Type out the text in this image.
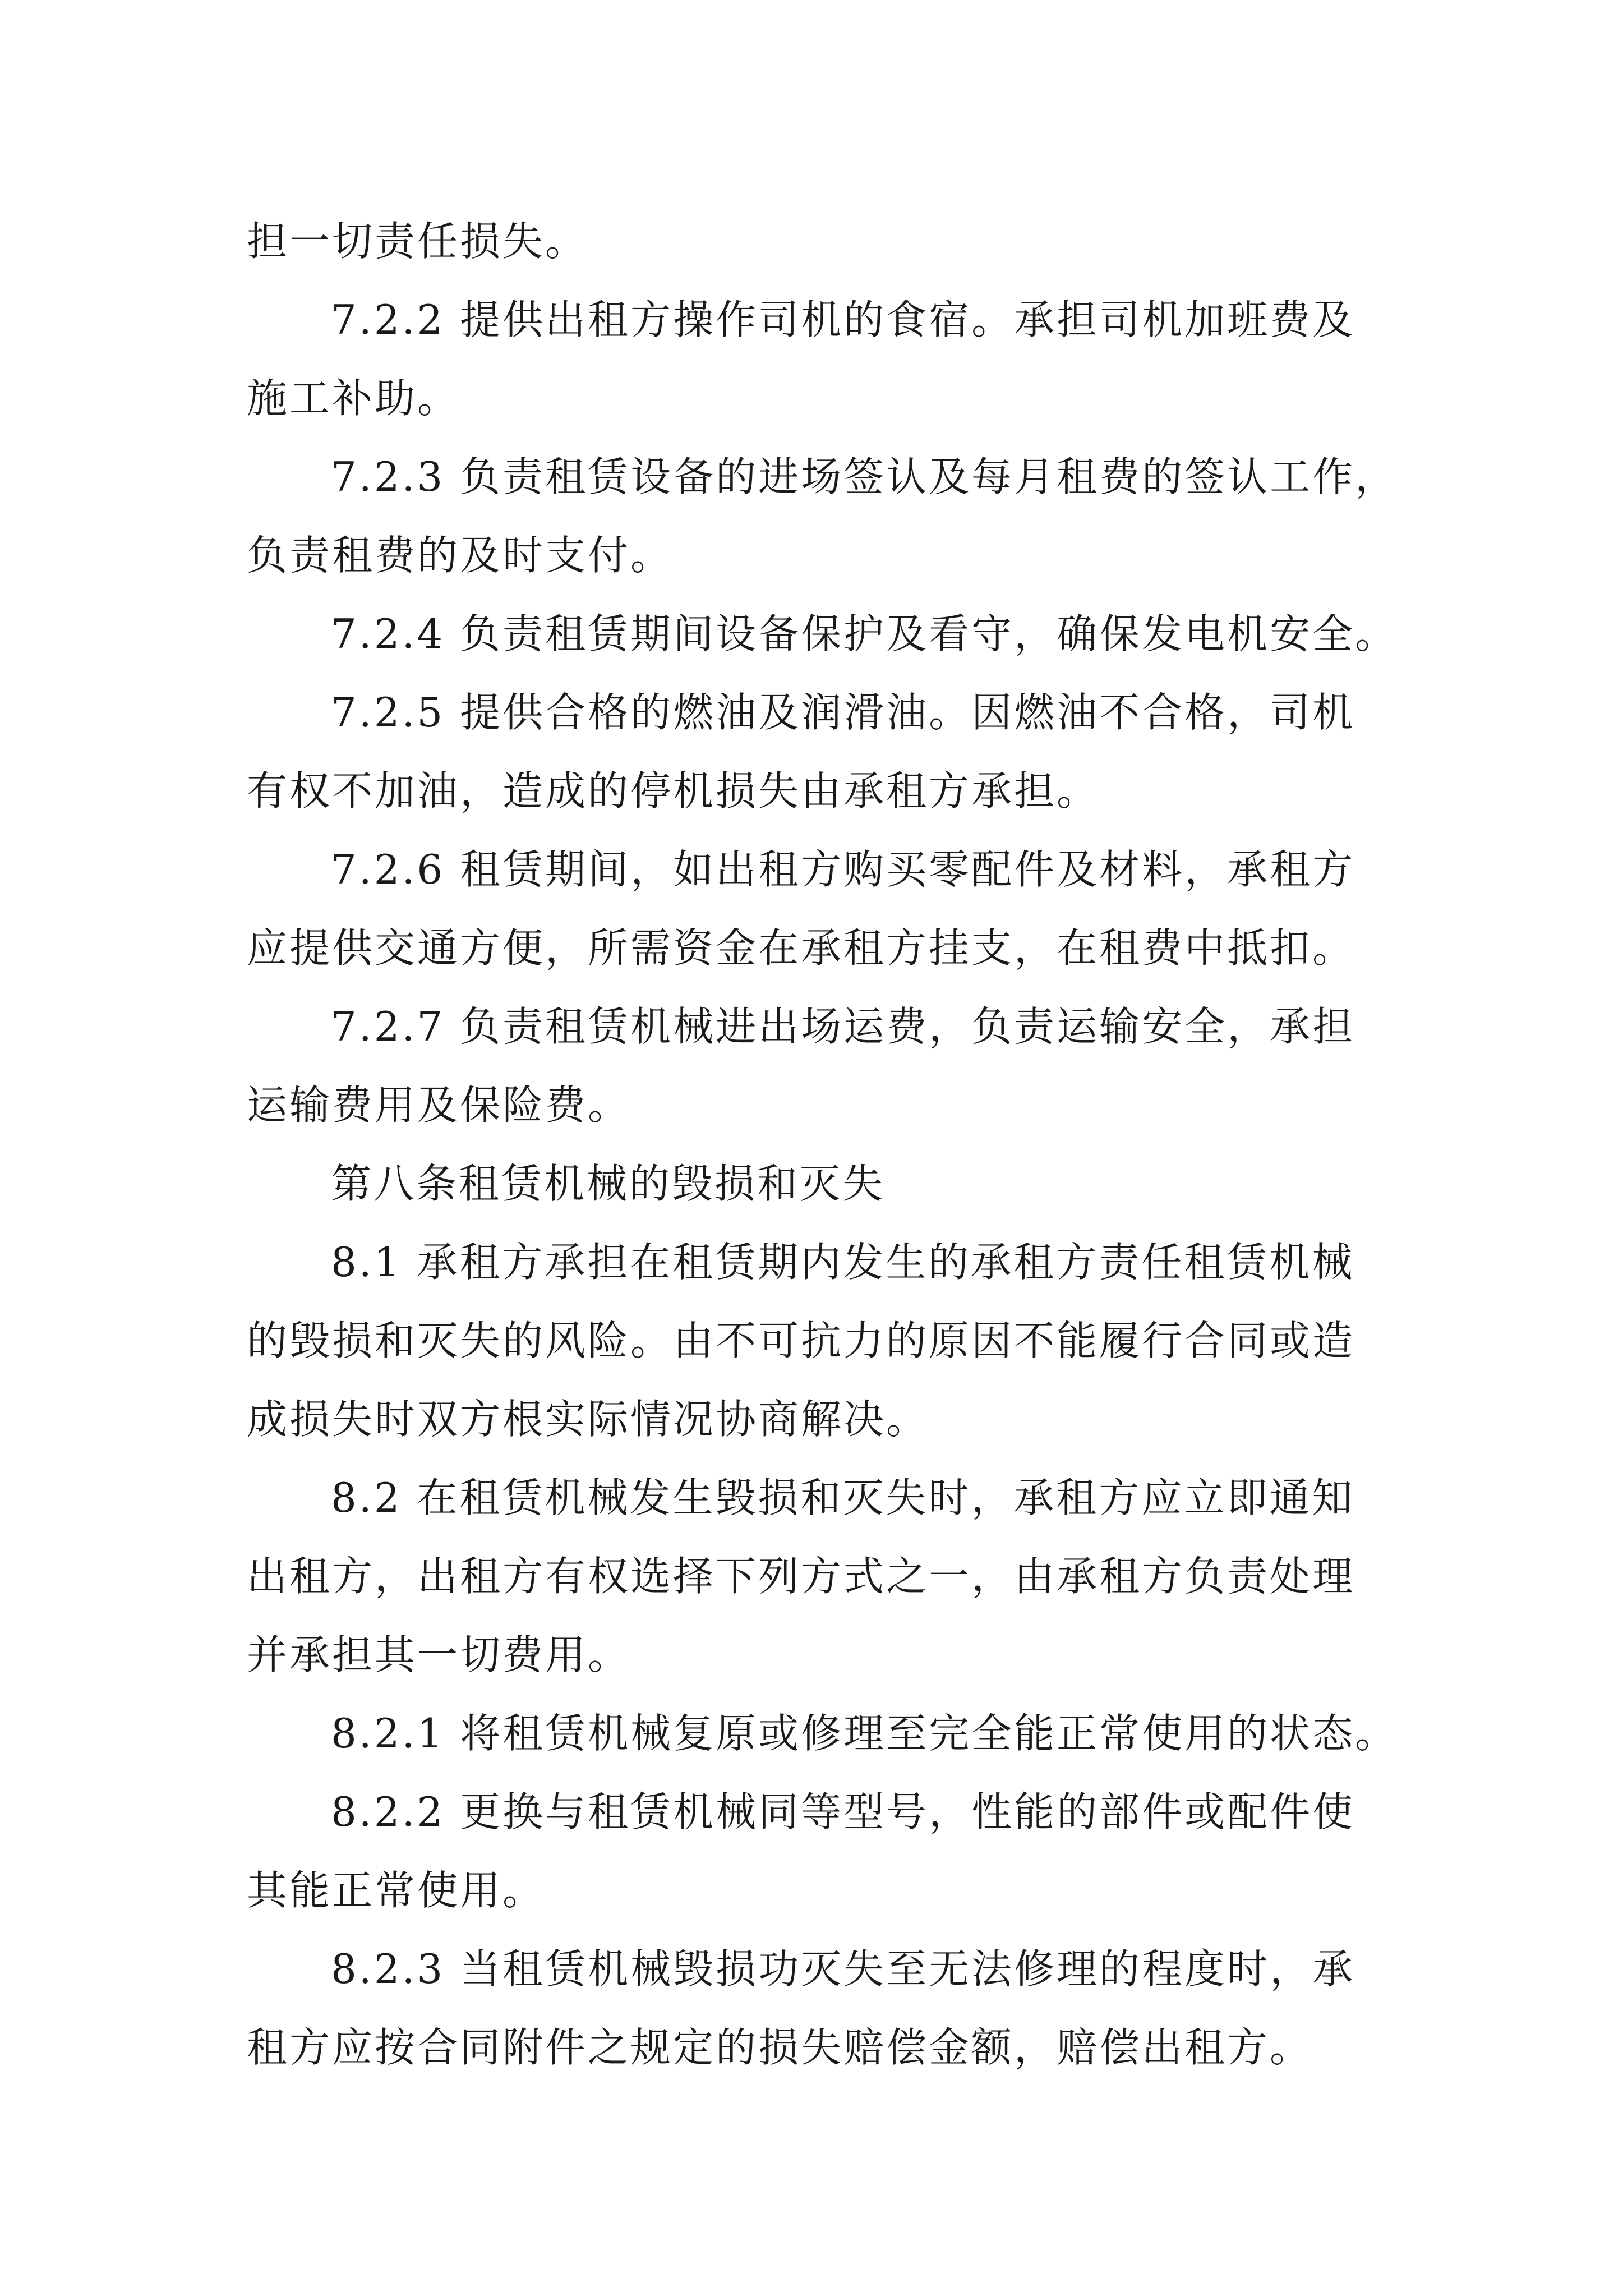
担一切责任损失。

7.2.2 提供出租方操作司机的食宿。承担司机加班费及

施工补助。

7.2.3 负责租赁设备的进场签认及每月租费的签认工作，

负责租费的及时支付。

7.2.4 负责租赁期间设备保护及看守，确保发电机安全。

7.2.5 提供合格的燃油及润滑油。因燃油不合格，司机

有权不加油，造成的停机损失由承租方承担。

7.2.6 租赁期间，如出租方购买零配件及材料，承租方

应提供交通方便，所需资金在承租方挂支，在租费中抵扣。

7.2.7 负责租赁机械进出场运费，负责运输安全，承担

运输费用及保险费。

第八条租赁机械的毁损和灭失

8.1 承租方承担在租赁期内发生的承租方责任租赁机械

的毁损和灭失的风险。由不可抗力的原因不能履行合同或造

成损失时双方根实际情况协商解决。

8.2 在租赁机械发生毁损和灭失时，承租方应立即通知

出租方，出租方有权选择下列方式之一，由承租方负责处理

并承担其一切费用。

8.2.1 将租赁机械复原或修理至完全能正常使用的状态。

8.2.2 更换与租赁机械同等型号，性能的部件或配件使

其能正常使用。

8.2.3 当租赁机械毁损功灭失至无法修理的程度时，承

租方应按合同附件之规定的损失赔偿金额，赔偿出租方。
